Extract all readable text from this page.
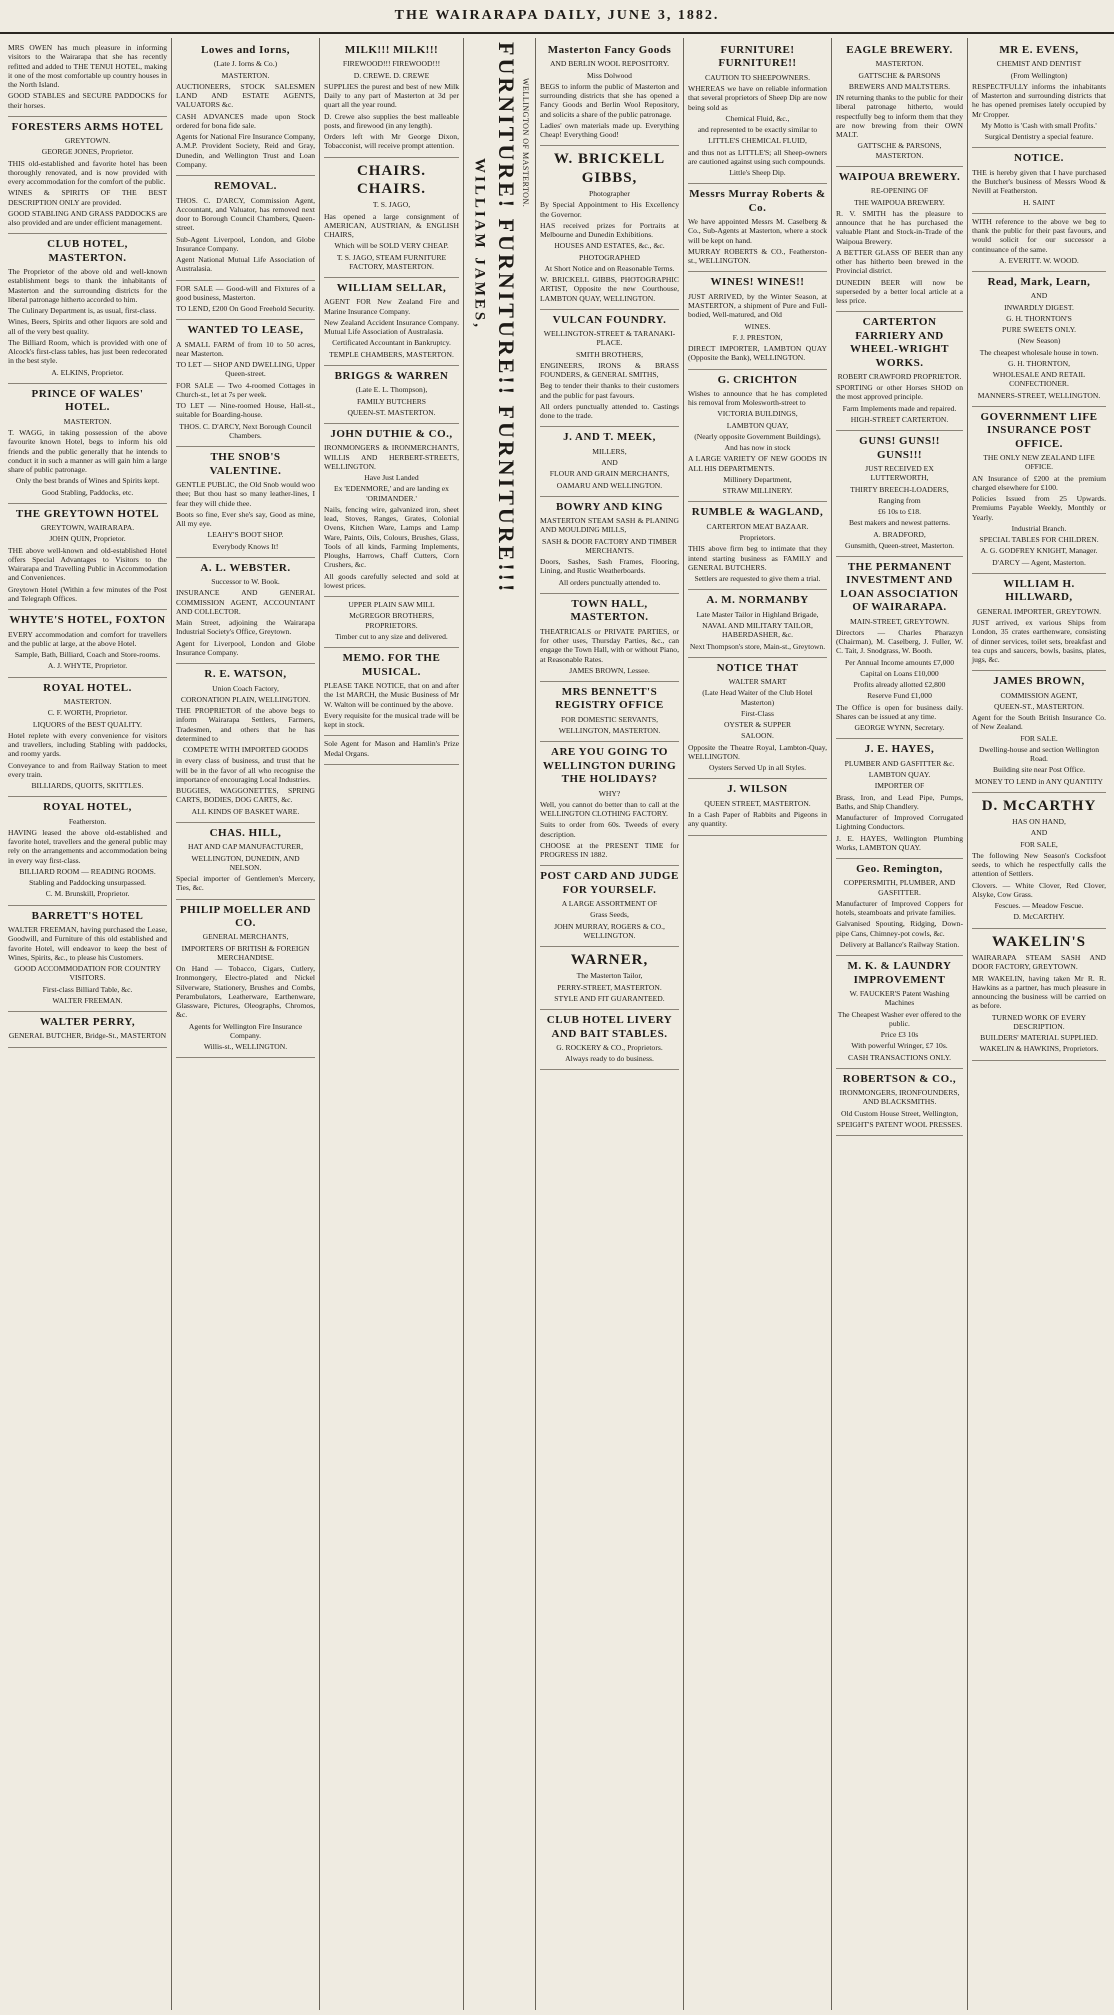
THE WAIRARAPA DAILY, JUNE 3, 1882.

MRS OWEN has much pleasure in informing visitors to the Wairarapa that she has recently refitted and added to THE TENUI HOTEL, making it one of the most comfortable up country houses in the North Island.

GOOD STABLES and SECURE PADDOCKS for their horses.

FORESTERS ARMS HOTEL

GREYTOWN.

GEORGE JONES, Proprietor.

THIS old-established and favorite hotel has been thoroughly renovated, and is now provided with every accommodation for the comfort of the public.

WINES & SPIRITS OF THE BEST DESCRIPTION ONLY are provided.

GOOD STABLING AND GRASS PADDOCKS are also provided and are under efficient management.

CLUB HOTEL, MASTERTON.

The Proprietor of the above old and well-known establishment begs to thank the inhabitants of Masterton and the surrounding districts for the liberal patronage hitherto accorded to him.

The Culinary Department is, as usual, first-class.

Wines, Beers, Spirits and other liquors are sold and all of the very best quality.

The Billiard Room, which is provided with one of Alcock's first-class tables, has just been redecorated in the best style.

A. ELKINS, Proprietor.

PRINCE OF WALES' HOTEL.

MASTERTON.

T. WAGG, in taking possession of the above favourite known Hotel, begs to inform his old friends and the public generally that he intends to conduct it in such a manner as will gain him a large share of public patronage.

Only the best brands of Wines and Spirits kept.

Good Stabling, Paddocks, etc.

THE GREYTOWN HOTEL

GREYTOWN, WAIRARAPA.

JOHN QUIN, Proprietor.

THE above well-known and old-established Hotel offers Special Advantages to Visitors to the Wairarapa and Travelling Public in Accommodation and Conveniences.

Greytown Hotel (Within a few minutes of the Post and Telegraph Offices.

WHYTE'S HOTEL, FOXTON

EVERY accommodation and comfort for travellers and the public at large, at the above Hotel.

Sample, Bath, Billiard, Coach and Store-rooms.

A. J. WHYTE, Proprietor.

ROYAL HOTEL.

MASTERTON.

C. F. WORTH, Proprietor.

LIQUORS of the BEST QUALITY.

Hotel replete with every convenience for visitors and travellers, including Stabling with paddocks, and roomy yards.

Conveyance to and from Railway Station to meet every train.

BILLIARDS, QUOITS, SKITTLES.

ROYAL HOTEL,

Featherston.

HAVING leased the above old-established and favorite hotel, travellers and the general public may rely on the arrangements and accommodation being in every way first-class.

BILLIARD ROOM — READING ROOMS.

Stabling and Paddocking unsurpassed.

C. M. Brunskill, Proprietor.

BARRETT'S HOTEL

WALTER FREEMAN, having purchased the Lease, Goodwill, and Furniture of this old established and favorite Hotel, will endeavor to keep the best of Wines, Spirits, &c., to please his Customers.

GOOD ACCOMMODATION FOR COUNTRY VISITORS.

First-class Billiard Table, &c.

WALTER FREEMAN.

WALTER PERRY,

GENERAL BUTCHER, Bridge-St., MASTERTON

Lowes and Iorns,

(Late J. Iorns & Co.)

MASTERTON.

AUCTIONEERS, STOCK SALESMEN LAND AND ESTATE AGENTS, VALUATORS &c.

CASH ADVANCES made upon Stock ordered for bona fide sale.

Agents for National Fire Insurance Company, A.M.P. Provident Society, Reid and Gray, Dunedin, and Wellington Trust and Loan Company.

REMOVAL.

THOS. C. D'ARCY, Commission Agent, Accountant, and Valuator, has removed next door to Borough Council Chambers, Queen-street.

Sub-Agent Liverpool, London, and Globe Insurance Company.

Agent National Mutual Life Association of Australasia.

FOR SALE — Good-will and Fixtures of a good business, Masterton.

TO LEND, £200 On Good Freehold Security.

WANTED TO LEASE,

A SMALL FARM of from 10 to 50 acres, near Masterton.

TO LET — SHOP AND DWELLING, Upper Queen-street.

FOR SALE — Two 4-roomed Cottages in Church-st., let at 7s per week.

TO LET — Nine-roomed House, Hall-st., suitable for Boarding-house.

THOS. C. D'ARCY, Next Borough Council Chambers.

THE SNOB'S VALENTINE.

GENTLE PUBLIC, the Old Snob would woo thee; But thou hast so many leather-lines, I fear they will chide thee.

Boots so fine, Ever she's say, Good as mine, All my eye.

LEAHY'S BOOT SHOP.

Everybody Knows It!

A. L. WEBSTER.

Successor to W. Book.

INSURANCE AND GENERAL COMMISSION AGENT, ACCOUNTANT AND COLLECTOR.

Main Street, adjoining the Wairarapa Industrial Society's Office, Greytown.

Agent for Liverpool, London and Globe Insurance Company.

R. E. WATSON,

Union Coach Factory,

CORONATION PLAIN, WELLINGTON.

THE PROPRIETOR of the above begs to inform Wairarapa Settlers, Farmers, Tradesmen, and others that he has determined to

COMPETE WITH IMPORTED GOODS

in every class of business, and trust that he will be in the favor of all who recognise the importance of encouraging Local Industries.

BUGGIES, WAGGONETTES, SPRING CARTS, BODIES, DOG CARTS, &c.

ALL KINDS OF BASKET WARE.

CHAS. HILL,

HAT AND CAP MANUFACTURER,

WELLINGTON, DUNEDIN, AND NELSON.

Special importer of Gentlemen's Mercery, Ties, &c.

PHILIP MOELLER AND CO.

GENERAL MERCHANTS,

IMPORTERS OF BRITISH & FOREIGN MERCHANDISE.

On Hand — Tobacco, Cigars, Cutlery, Ironmongery, Electro-plated and Nickel Silverware, Stationery, Brushes and Combs, Perambulators, Leatherware, Earthenware, Glassware, Pictures, Oleographs, Chromos, &c.

Agents for Wellington Fire Insurance Company.

Willis-st., WELLINGTON.

MILK!!! MILK!!!

FIREWOOD!!! FIREWOOD!!!

D. CREWE. D. CREWE

SUPPLIES the purest and best of new Milk Daily to any part of Masterton at 3d per quart all the year round.

D. Crewe also supplies the best malleable posts, and firewood (in any length).

Orders left with Mr George Dixon, Tobacconist, will receive prompt attention.

CHAIRS. CHAIRS.

T. S. JAGO,

Has opened a large consignment of AMERICAN, AUSTRIAN, & ENGLISH CHAIRS,

Which will be SOLD VERY CHEAP.

T. S. JAGO, STEAM FURNITURE FACTORY, MASTERTON.

WILLIAM SELLAR,

AGENT FOR New Zealand Fire and Marine Insurance Company.

New Zealand Accident Insurance Company. Mutual Life Association of Australasia.

Certificated Accountant in Bankruptcy.

TEMPLE CHAMBERS, MASTERTON.

BRIGGS & WARREN

(Late E. L. Thompson),

FAMILY BUTCHERS

QUEEN-ST. MASTERTON.

JOHN DUTHIE & CO.,

IRONMONGERS & IRONMERCHANTS, WILLIS AND HERBERT-STREETS, WELLINGTON.

Have Just Landed

Ex 'EDENMORE,' and are landing ex 'ORIMANDER.'

Nails, fencing wire, galvanized iron, sheet lead, Stoves, Ranges, Grates, Colonial Ovens, Kitchen Ware, Lamps and Lamp Ware, Paints, Oils, Colours, Brushes, Glass, Tools of all kinds, Farming Implements, Ploughs, Harrows, Chaff Cutters, Corn Crushers, &c.

All goods carefully selected and sold at lowest prices.

UPPER PLAIN SAW MILL

McGREGOR BROTHERS, PROPRIETORS.

Timber cut to any size and delivered.

MEMO. FOR THE MUSICAL.

PLEASE TAKE NOTICE, that on and after the 1st MARCH, the Music Business of Mr W. Walton will be continued by the above.

Every requisite for the musical trade will be kept in stock.

Sole Agent for Mason and Hamlin's Prize Medal Organs.

FURNITURE! FURNITURE!! FURNITURE!!!
WILLIAM JAMES,
WELLINGTON OF MASTERTON.
Masterton Fancy Goods

AND BERLIN WOOL REPOSITORY.

Miss Dolwood

BEGS to inform the public of Masterton and surrounding districts that she has opened a Fancy Goods and Berlin Wool Repository, and solicits a share of the public patronage.

Ladies' own materials made up. Everything Cheap! Everything Good!

W. BRICKELL GIBBS,

Photographer

By Special Appointment to His Excellency the Governor.

HAS received prizes for Portraits at Melbourne and Dunedin Exhibitions.

HOUSES AND ESTATES, &c., &c.

PHOTOGRAPHED

At Short Notice and on Reasonable Terms.

W. BRICKELL GIBBS, PHOTOGRAPHIC ARTIST, Opposite the new Courthouse, LAMBTON QUAY, WELLINGTON.

VULCAN FOUNDRY.

WELLINGTON-STREET & TARANAKI-PLACE.

SMITH BROTHERS,

ENGINEERS, IRONS & BRASS FOUNDERS, & GENERAL SMITHS,

Beg to tender their thanks to their customers and the public for past favours.

All orders punctually attended to. Castings done to the trade.

J. AND T. MEEK,

MILLERS,

AND

FLOUR AND GRAIN MERCHANTS,

OAMARU AND WELLINGTON.

BOWRY AND KING

MASTERTON STEAM SASH & PLANING AND MOULDING MILLS,

SASH & DOOR FACTORY AND TIMBER MERCHANTS.

Doors, Sashes, Sash Frames, Flooring, Lining, and Rustic Weatherboards.

All orders punctually attended to.

TOWN HALL, MASTERTON.

THEATRICALS or PRIVATE PARTIES, or for other uses, Thursday Parties, &c., can engage the Town Hall, with or without Piano, at Reasonable Rates.

JAMES BROWN, Lessee.

MRS BENNETT'S REGISTRY OFFICE

FOR DOMESTIC SERVANTS,

WELLINGTON, MASTERTON.

ARE YOU GOING TO WELLINGTON DURING THE HOLIDAYS?

WHY?

Well, you cannot do better than to call at the WELLINGTON CLOTHING FACTORY.

Suits to order from 60s. Tweeds of every description.

CHOOSE at the PRESENT TIME for PROGRESS IN 1882.

POST CARD AND JUDGE FOR YOURSELF.

A LARGE ASSORTMENT OF

Grass Seeds,

JOHN MURRAY, ROGERS & CO., WELLINGTON.

WARNER,

The Masterton Tailor,

PERRY-STREET, MASTERTON.

STYLE AND FIT GUARANTEED.

CLUB HOTEL LIVERY AND BAIT STABLES.

G. ROCKERY & CO., Proprietors.

Always ready to do business.

FURNITURE! FURNITURE!!

CAUTION TO SHEEPOWNERS.

WHEREAS we have on reliable information that several proprietors of Sheep Dip are now being sold as

Chemical Fluid, &c.,

and represented to be exactly similar to

LITTLE'S CHEMICAL FLUID,

and thus not as LITTLE'S; all Sheep-owners are cautioned against using such compounds.

Little's Sheep Dip.

Messrs Murray Roberts & Co.

We have appointed Messrs M. Caselberg & Co., Sub-Agents at Masterton, where a stock will be kept on hand.

MURRAY ROBERTS & CO., Featherston-st., WELLINGTON.

WINES! WINES!!

JUST ARRIVED, by the Winter Season, at MASTERTON, a shipment of Pure and Full-bodied, Well-matured, and Old

WINES.

F. J. PRESTON,

DIRECT IMPORTER, LAMBTON QUAY (Opposite the Bank), WELLINGTON.

G. CRICHTON

Wishes to announce that he has completed his removal from Molesworth-street to

VICTORIA BUILDINGS,

LAMBTON QUAY,

(Nearly opposite Government Buildings),

And has now in stock

A LARGE VARIETY OF NEW GOODS IN ALL HIS DEPARTMENTS.

Millinery Department,

STRAW MILLINERY.

RUMBLE & WAGLAND,

CARTERTON MEAT BAZAAR.

Proprietors.

THIS above firm beg to intimate that they intend starting business as FAMILY and GENERAL BUTCHERS.

Settlers are requested to give them a trial.

A. M. NORMANBY

Late Master Tailor in Highland Brigade,

NAVAL AND MILITARY TAILOR, HABERDASHER, &c.

Next Thompson's store, Main-st., Greytown.

NOTICE THAT

WALTER SMART

(Late Head Waiter of the Club Hotel Masterton)

First-Class

OYSTER & SUPPER

SALOON.

Opposite the Theatre Royal, Lambton-Quay, WELLINGTON.

Oysters Served Up in all Styles.

J. WILSON

QUEEN STREET, MASTERTON.

In a Cash Paper of Rabbits and Pigeons in any quantity.

EAGLE BREWERY.

MASTERTON.

GATTSCHE & PARSONS

BREWERS AND MALTSTERS.

IN returning thanks to the public for their liberal patronage hitherto, would respectfully beg to inform them that they are now brewing from their OWN MALT.

GATTSCHE & PARSONS, MASTERTON.

WAIPOUA BREWERY.

RE-OPENING OF

THE WAIPOUA BREWERY.

R. V. SMITH has the pleasure to announce that he has purchased the valuable Plant and Stock-in-Trade of the Waipoua Brewery.

A BETTER GLASS OF BEER than any other has hitherto been brewed in the Provincial district.

DUNEDIN BEER will now be superseded by a better local article at a less price.

CARTERTON FARRIERY AND WHEEL-WRIGHT WORKS.

ROBERT CRAWFORD PROPRIETOR.

SPORTING or other Horses SHOD on the most approved principle.

Farm Implements made and repaired.

HIGH-STREET CARTERTON.

GUNS! GUNS!! GUNS!!!

JUST RECEIVED EX LUTTERWORTH,

THIRTY BREECH-LOADERS,

Ranging from

£6 10s to £18.

Best makers and newest patterns.

A. BRADFORD,

Gunsmith, Queen-street, Masterton.

THE PERMANENT INVESTMENT AND LOAN ASSOCIATION OF WAIRARAPA.

MAIN-STREET, GREYTOWN.

Directors — Charles Pharazyn (Chairman), M. Caselberg, J. Fuller, W. C. Tait, J. Snodgrass, W. Booth.

Per Annual Income amounts £7,000

Capital on Loans £10,000

Profits already allotted £2,800

Reserve Fund £1,000

The Office is open for business daily. Shares can be issued at any time.

GEORGE WYNN, Secretary.

J. E. HAYES,

PLUMBER AND GASFITTER &c.

LAMBTON QUAY.

IMPORTER OF

Brass, Iron, and Lead Pipe, Pumps, Baths, and Ship Chandlery.

Manufacturer of Improved Corrugated Lightning Conductors.

J. E. HAYES, Wellington Plumbing Works, LAMBTON QUAY.

Geo. Remington,

COPPERSMITH, PLUMBER, AND GASFITTER.

Manufacturer of Improved Coppers for hotels, steamboats and private families.

Galvanised Spouting, Ridging, Down-pipe Cans, Chimney-pot cowls, &c.

Delivery at Ballance's Railway Station.

M. K. & LAUNDRY IMPROVEMENT

W. FAUCKER'S Patent Washing Machines

The Cheapest Washer ever offered to the public.

Price £3 10s

With powerful Wringer, £7 10s.

CASH TRANSACTIONS ONLY.

ROBERTSON & CO.,

IRONMONGERS, IRONFOUNDERS, AND BLACKSMITHS.

Old Custom House Street, Wellington,

SPEIGHT'S PATENT WOOL PRESSES.

MR E. EVENS,

CHEMIST AND DENTIST

(From Wellington)

RESPECTFULLY informs the inhabitants of Masterton and surrounding districts that he has opened premises lately occupied by Mr Cropper.

My Motto is 'Cash with small Profits.'

Surgical Dentistry a special feature.

NOTICE.

THE is hereby given that I have purchased the Butcher's business of Messrs Wood & Nevill at Featherston.

H. SAINT

WITH reference to the above we beg to thank the public for their past favours, and would solicit for our successor a continuance of the same.

A. EVERITT. W. WOOD.

Read, Mark, Learn,

AND

INWARDLY DIGEST.

G. H. THORNTON'S

PURE SWEETS ONLY.

(New Season)

The cheapest wholesale house in town.

G. H. THORNTON,

WHOLESALE AND RETAIL CONFECTIONER.

MANNERS-STREET, WELLINGTON.

GOVERNMENT LIFE INSURANCE POST OFFICE.

THE ONLY NEW ZEALAND LIFE OFFICE.

AN Insurance of £200 at the premium charged elsewhere for £100.

Policies Issued from 25 Upwards. Premiums Payable Weekly, Monthly or Yearly.

Industrial Branch.

SPECIAL TABLES FOR CHILDREN.

A. G. GODFREY KNIGHT, Manager.

D'ARCY — Agent, Masterton.

WILLIAM H. HILLWARD,

GENERAL IMPORTER, GREYTOWN.

JUST arrived, ex various Ships from London, 35 crates earthenware, consisting of dinner services, toilet sets, breakfast and tea cups and saucers, bowls, basins, plates, jugs, &c.

JAMES BROWN,

COMMISSION AGENT,

QUEEN-ST., MASTERTON.

Agent for the South British Insurance Co. of New Zealand.

FOR SALE.

Dwelling-house and section Wellington Road.

Building site near Post Office.

MONEY TO LEND in ANY QUANTITY

D. McCARTHY

HAS ON HAND,

AND

FOR SALE,

The following New Season's Cocksfoot seeds, to which he respectfully calls the attention of Settlers.

Clovers. — White Clover, Red Clover, Alsyke, Cow Grass.

Fescues. — Meadow Fescue.

D. McCARTHY.

WAKELIN'S

WAIRARAPA STEAM SASH AND DOOR FACTORY, GREYTOWN.

MR WAKELIN, having taken Mr R. R. Hawkins as a partner, has much pleasure in announcing the business will be carried on as before.

TURNED WORK OF EVERY DESCRIPTION.

BUILDERS' MATERIAL SUPPLIED.

WAKELIN & HAWKINS, Proprietors.
